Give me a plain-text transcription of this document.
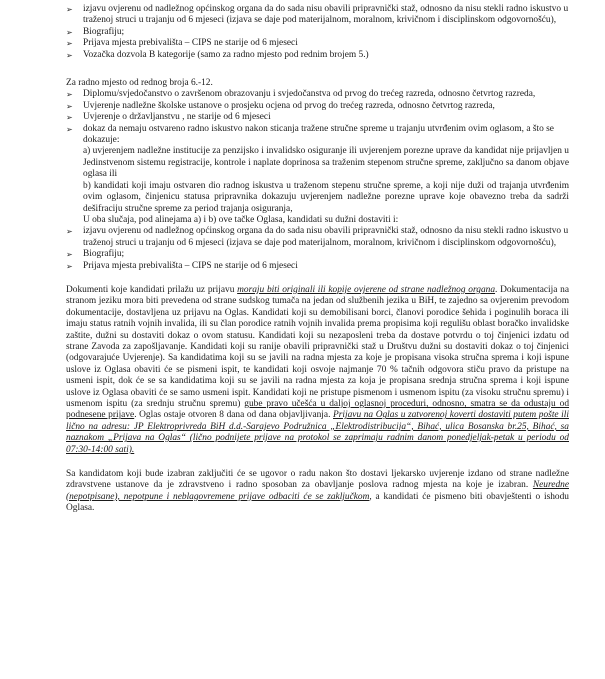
➢	izjavu ovjerenu od nadležnog općinskog organa da do sada nisu obavili pripravnički staž, odnosno da nisu stekli radno iskustvo u traženoj struci u trajanju od 6 mjeseci (izjava se daje pod materijalnom, moralnom, krivičnom i disciplinskom odgovornošću),
➢	Biografiju;
➢	Prijava mjesta prebivališta – CIPS ne starije od 6 mjeseci
➢	Vozačka dozvola B kategorije (samo za radno mjesto pod rednim brojem 5.)
Za radno mjesto od rednog broja 6.-12.
➢	Diplomu/svjedočanstvo o završenom obrazovanju i svjedočanstva od prvog do trećeg razreda, odnosno četvrtog razreda,
➢	Uvjerenje nadležne školske ustanove o prosjeku ocjena od prvog do trećeg razreda, odnosno četvrtog razreda,
➢	Uvjerenje o državljanstvu , ne starije od 6 mjeseci
➢	dokaz da nemaju ostvareno radno iskustvo nakon sticanja tražene stručne spreme u trajanju utvrđenim ovim oglasom, a što se dokazuje:
a) uvjerenjem nadležne institucije za penzijsko i invalidsko osiguranje ili uvjerenjem porezne uprave da kandidat nije prijavljen u Jedinstvenom sistemu registracije, kontrole i naplate doprinosa sa traženim stepenom stručne spreme, zaključno sa danom objave oglasa ili
b) kandidati koji imaju ostvaren dio radnog iskustva u traženom stepenu stručne spreme, a koji nije duži od trajanja utvrđenim ovim oglasom, činjenicu statusa pripravnika dokazuju uvjerenjem nadležne porezne uprave koje obavezno treba da sadrži dešifraciju stručne spreme za period trajanja osiguranja,
U oba slučaja, pod alinejama a) i b) ove tačke Oglasa, kandidati su dužni dostaviti i:
➢	izjavu ovjerenu od nadležnog općinskog organa da do sada nisu obavili pripravnički staž, odnosno da nisu stekli radno iskustvo u traženoj struci u trajanju od 6 mjeseci (izjava se daje pod materijalnom, moralnom, krivičnom i disciplinskom odgovornošću),
➢	Biografiju;
➢	Prijava mjesta prebivališta – CIPS ne starije od 6 mjeseci
Dokumenti koje kandidati prilažu uz prijavu moraju biti originali ili kopije ovjerene od strane nadležnog organa. Dokumentacija na stranom jeziku mora biti prevedena od strane sudskog tumača na jedan od službenih jezika u BiH, te zajedno sa ovjerenim prevodom dokumentacije, dostavljena uz prijavu na Oglas. Kandidati koji su demobilisani borci, članovi porodice šehida i poginulih boraca ili imaju status ratnih vojnih invalida, ili su član porodice ratnih vojnih invalida prema propisima koji regulišu oblast boračko invalidske zaštite, dužni su dostaviti dokaz o ovom statusu. Kandidati koji su nezaposleni treba da dostave potvrdu o toj činjenici izdatu od strane Zavoda za zapošljavanje. Kandidati koji su ranije obavili pripravnički staž u Društvu dužni su dostaviti dokaz o toj činjenici (odgovarajuće Uvjerenje). Sa kandidatima koji su se javili na radna mjesta za koje je propisana visoka stručna sprema i koji ispune uslove iz Oglasa obaviti će se pismeni ispit, te kandidati koji osvoje najmanje 70 % tačnih odgovora stiču pravo da pristupe na usmeni ispit, dok će se sa kandidatima koji su se javili na radna mjesta za koja je propisana srednja stručna sprema i koji ispune uslove iz Oglasa obaviti će se samo usmeni ispit. Kandidati koji ne pristupe pismenom i usmenom ispitu (za visoku stručnu spremu) i usmenom ispitu (za srednju stručnu spremu) gube pravo učešća u daljoj oglasnoj proceduri, odnosno, smatra se da odustaju od podnesene prijave. Oglas ostaje otvoren 8 dana od dana objavljivanja. Prijavu na Oglas u zatvorenoj koverti dostaviti putem pošte ili lično na adresu: JP Elektroprivreda BiH d.d.-Sarajevo Podružnica „Elektrodistribucija“, Bihać, ulica Bosanska br.25, Bihać, sa naznakom „Prijava na Oglas“ (lično podnijete prijave na protokol se zaprimaju radnim danom ponedjeljak-petak u periodu od 07:30-14:00 sati).
Sa kandidatom koji bude izabran zaključiti će se ugovor o radu nakon što dostavi ljekarsko uvjerenje izdano od strane nadležne zdravstvene ustanove da je zdravstveno i radno sposoban za obavljanje poslova radnog mjesta na koje je izabran. Neuredne (nepotpisane), nepotpune i neblagovremene prijave odbaciti će se zaključkom, a kandidati će pismeno biti obavještenti o ishodu Oglasa.
